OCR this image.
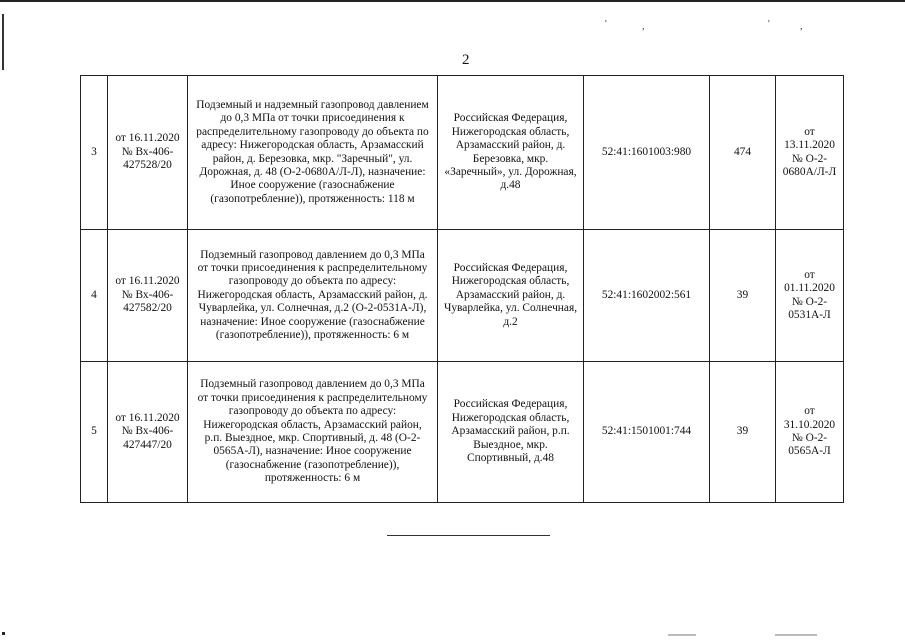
'	,	'	,
2
3	от 16.11.2020 № Вх-406-427528/20	Подземный и надземный газопровод давлением до 0,3 МПа от точки присоединения к распределительному газопроводу до объекта по адресу: Нижегородская область, Арзамасский район, д. Березовка, мкр. "Заречный", ул. Дорожная, д. 48 (О-2-0680А/Л-Л), назначение: Иное сооружение (газоснабжение (газопотребление)), протяженность: 118 м	Российская Федерация, Нижегородская область, Арзамасский район, д. Березовка, мкр. «Заречный», ул. Дорожная, д.48	52:41:1601003:980	474	от 13.11.2020 № О-2-0680А/Л-Л
4	от 16.11.2020 № Вх-406-427582/20	Подземный газопровод давлением до 0,3 МПа от точки присоединения к распределительному газопроводу до объекта по адресу: Нижегородская область, Арзамасский район, д. Чуварлейка, ул. Солнечная, д.2 (О-2-0531А-Л), назначение: Иное сооружение (газоснабжение (газопотребление)), протяженность: 6 м	Российская Федерация, Нижегородская область, Арзамасский район, д. Чуварлейка, ул. Солнечная, д.2	52:41:1602002:561	39	от 01.11.2020 № О-2-0531А-Л
5	от 16.11.2020 № Вх-406-427447/20	Подземный газопровод давлением до 0,3 МПа от точки присоединения к распределительному газопроводу до объекта по адресу: Нижегородская область, Арзамасский район, р.п. Выездное, мкр. Спортивный, д. 48 (О-2-0565А-Л), назначение: Иное сооружение (газоснабжение (газопотребление)), протяженность: 6 м	Российская Федерация, Нижегородская область, Арзамасский район, р.п. Выездное, мкр. Спортивный, д.48	52:41:1501001:744	39	от 31.10.2020 № О-2-0565А-Л
